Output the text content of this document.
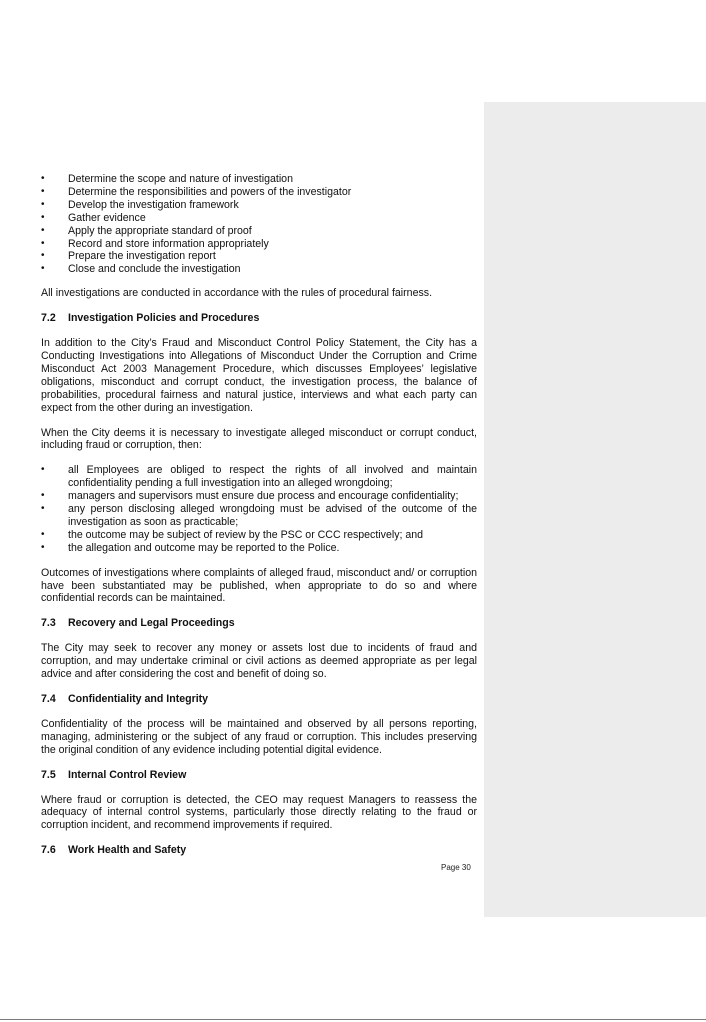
• Determine the scope and nature of investigation
• Determine the responsibilities and powers of the investigator
• Develop the investigation framework
• Gather evidence
• Apply the appropriate standard of proof
• Record and store information appropriately
• Prepare the investigation report
• Close and conclude the investigation

All investigations are conducted in accordance with the rules of procedural fairness.

7.2	Investigation Policies and Procedures

In addition to the City’s Fraud and Misconduct Control Policy Statement, the City has a Conducting Investigations into Allegations of Misconduct Under the Corruption and Crime Misconduct Act 2003 Management Procedure, which discusses Employees’ legislative obligations, misconduct and corrupt conduct, the investigation process, the balance of probabilities, procedural fairness and natural justice, interviews and what each party can expect from the other during an investigation.

When the City deems it is necessary to investigate alleged misconduct or corrupt conduct, including fraud or corruption, then:

• all Employees are obliged to respect the rights of all involved and maintain confidentiality pending a full investigation into an alleged wrongdoing;
• managers and supervisors must ensure due process and encourage confidentiality;
• any person disclosing alleged wrongdoing must be advised of the outcome of the investigation as soon as practicable;
• the outcome may be subject of review by the PSC or CCC respectively; and
• the allegation and outcome may be reported to the Police.

Outcomes of investigations where complaints of alleged fraud, misconduct and/ or corruption have been substantiated may be published, when appropriate to do so and where confidential records can be maintained.

7.3	Recovery and Legal Proceedings

The City may seek to recover any money or assets lost due to incidents of fraud and corruption, and may undertake criminal or civil actions as deemed appropriate as per legal advice and after considering the cost and benefit of doing so.

7.4	Confidentiality and Integrity

Confidentiality of the process will be maintained and observed by all persons reporting, managing, administering or the subject of any fraud or corruption. This includes preserving the original condition of any evidence including potential digital evidence.

7.5	Internal Control Review

Where fraud or corruption is detected, the CEO may request Managers to reassess the adequacy of internal control systems, particularly those directly relating to the fraud or corruption incident, and recommend improvements if required.

7.6	Work Health and Safety
Page 30
